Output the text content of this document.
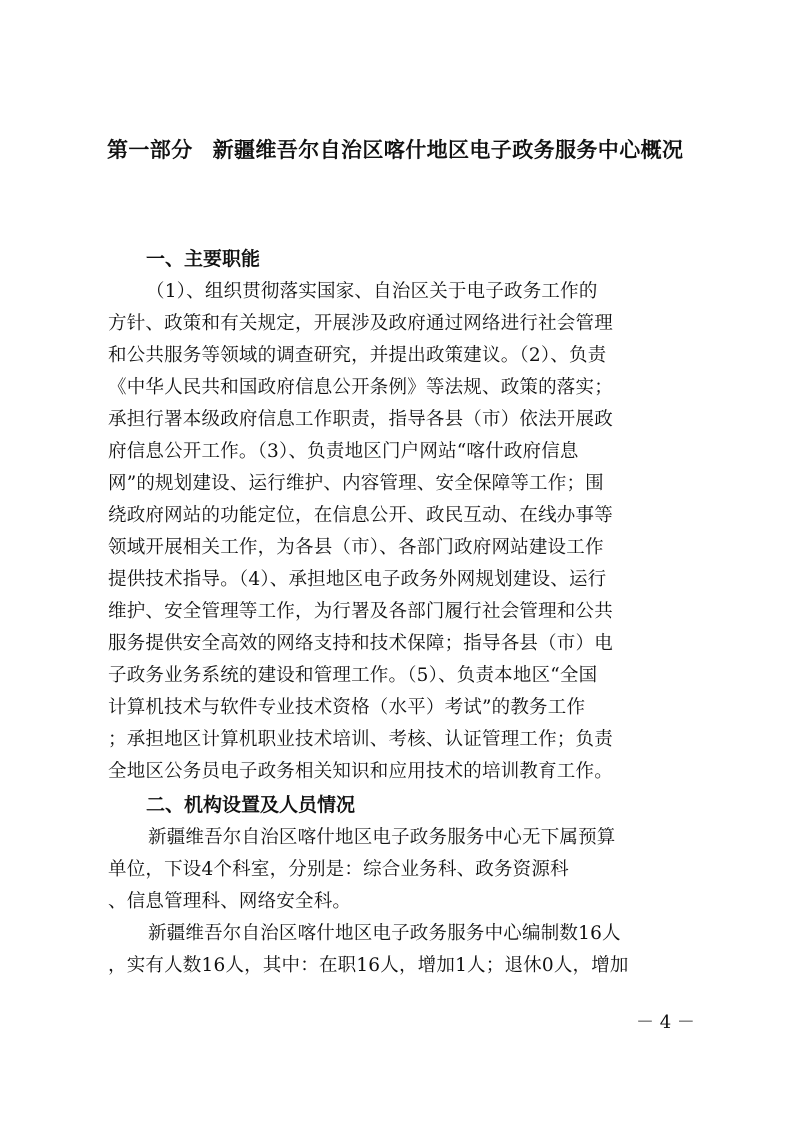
第一部分 新疆维吾尔自治区喀什地区电子政务服务中心概况
一、主要职能
（1）、组织贯彻落实国家、自治区关于电子政务工作的
方针、政策和有关规定，开展涉及政府通过网络进行社会管理
和公共服务等领域的调查研究，并提出政策建议。（2）、负责
《中华人民共和国政府信息公开条例》等法规、政策的落实；
承担行署本级政府信息工作职责，指导各县（市）依法开展政
府信息公开工作。（3）、负责地区门户网站“喀什政府信息
网”的规划建设、运行维护、内容管理、安全保障等工作；围
绕政府网站的功能定位，在信息公开、政民互动、在线办事等
领域开展相关工作，为各县（市）、各部门政府网站建设工作
提供技术指导。（4）、承担地区电子政务外网规划建设、运行
维护、安全管理等工作，为行署及各部门履行社会管理和公共
服务提供安全高效的网络支持和技术保障；指导各县（市）电
子政务业务系统的建设和管理工作。（5）、负责本地区“全国
计算机技术与软件专业技术资格（水平）考试”的教务工作
；承担地区计算机职业技术培训、考核、认证管理工作；负责
全地区公务员电子政务相关知识和应用技术的培训教育工作。
二、机构设置及人员情况
新疆维吾尔自治区喀什地区电子政务服务中心无下属预算
单位，下设4个科室，分别是：综合业务科、政务资源科
、信息管理科、网络安全科。
新疆维吾尔自治区喀什地区电子政务服务中心编制数16人
，实有人数16人，其中：在职16人，增加1人；退休0人，增加
－ 4 －
